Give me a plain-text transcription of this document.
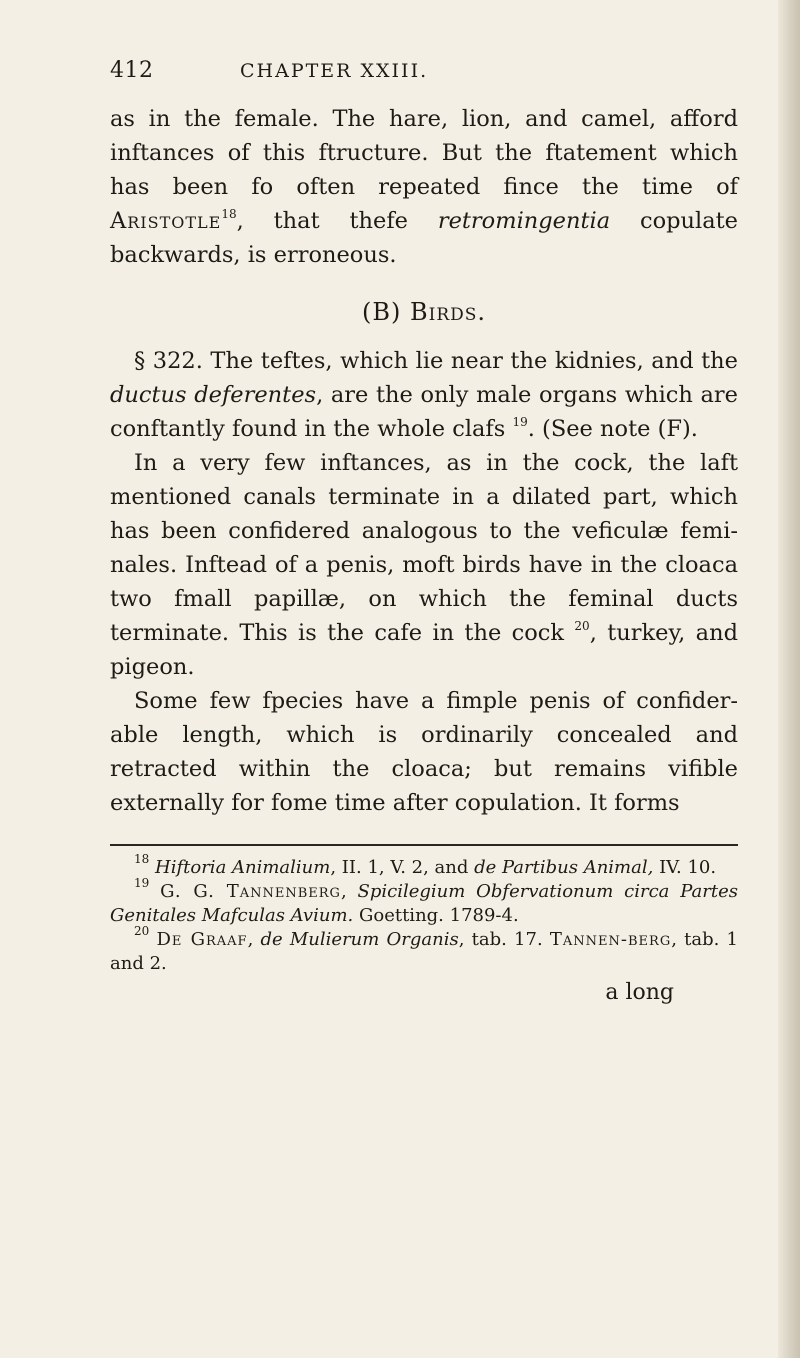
412	CHAPTER XXIII.

as in the female. The hare, lion, and camel, afford inftances of this ftructure. But the ftatement which has been fo often repeated fince the time of Aristotle$^{18}$, that thefe retromingentia copulate backwards, is erroneous.

(B) Birds.

§ 322. The teftes, which lie near the kidnies, and the ductus deferentes, are the only male organs which are conftantly found in the whole clafs $^{19}$. (See note (F).

In a very few inftances, as in the cock, the laft mentioned canals terminate in a dilated part, which has been confidered analogous to the veficulæ femi-nales. Inftead of a penis, moft birds have in the cloaca two fmall papillæ, on which the feminal ducts terminate. This is the cafe in the cock $^{20}$, turkey, and pigeon.

Some few fpecies have a fimple penis of confider-able length, which is ordinarily concealed and retracted within the cloaca; but remains vifible externally for fome time after copulation. It forms

$^{18}$ Hiftoria Animalium, II. 1, V. 2, and de Partibus Animal, IV. 10.

$^{19}$ G. G. Tannenberg, Spicilegium Obfervationum circa Partes Genitales Mafculas Avium. Goetting. 1789-4.

$^{20}$ De Graaf, de Mulierum Organis, tab. 17. Tannen-berg, tab. 1 and 2.

a long
